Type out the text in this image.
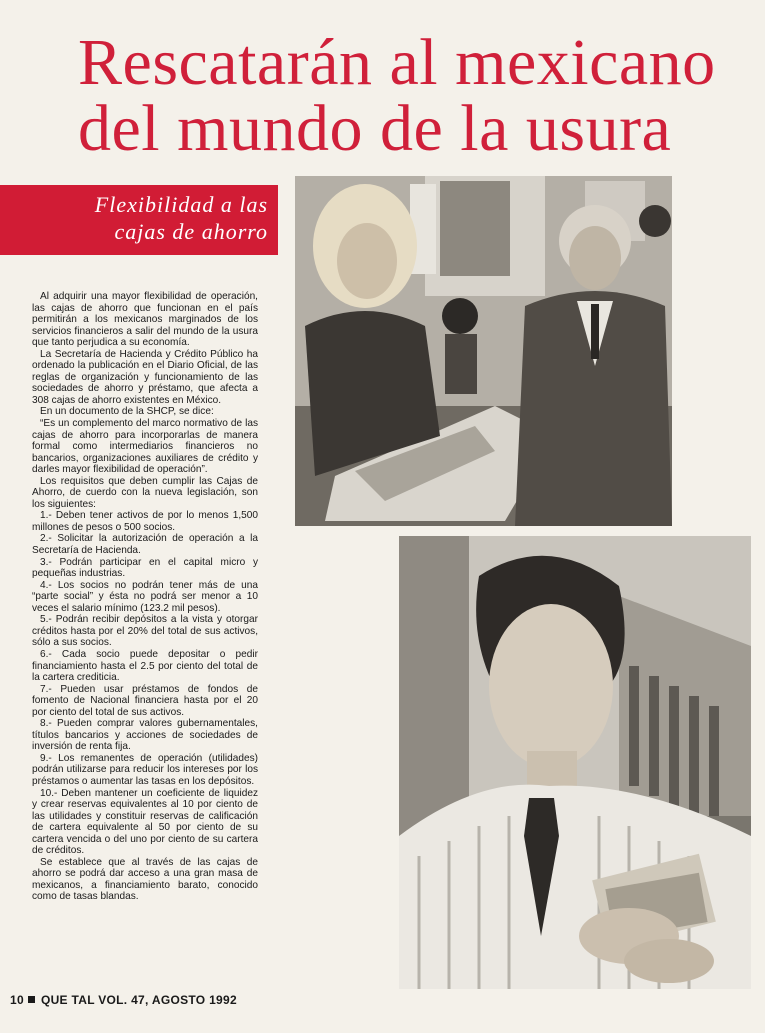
Rescatarán al mexicano
del mundo de la usura

Flexibilidad a las

cajas de ahorro

Al adquirir una mayor flexibilidad de operación, las cajas de ahorro que funcionan en el país permitirán a los mexicanos marginados de los servicios financieros a salir del mundo de la usura que tanto perjudica a su economía.

La Secretaría de Hacienda y Crédito Público ha ordenado la publicación en el Diario Oficial, de las reglas de organización y funcionamiento de las sociedades de ahorro y préstamo, que afecta a 308 cajas de ahorro existentes en México.

En un documento de la SHCP, se dice:

“Es un complemento del marco normativo de las cajas de ahorro para incorporarlas de manera formal como intermediarios financieros no bancarios, organizaciones auxiliares de crédito y darles mayor flexibilidad de operación”.

Los requisitos que deben cumplir las Cajas de Ahorro, de cuerdo con la nueva legislación, son los siguientes:

1.- Deben tener activos de por lo menos 1,500 millones de pesos o 500 socios.

2.- Solicitar la autorización de operación a la Secretaría de Hacienda.

3.- Podrán participar en el capital micro y pequeñas industrias.

4.- Los socios no podrán tener más de una “parte social” y ésta no podrá ser menor a 10 veces el salario mínimo (123.2 mil pesos).

5.- Podrán recibir depósitos a la vista y otorgar créditos hasta por el 20% del total de sus activos, sólo a sus socios.

6.- Cada socio puede depositar o pedir financiamiento hasta el 2.5 por ciento del total de la cartera crediticia.

7.- Pueden usar préstamos de fondos de fomento de Nacional financiera hasta por el 20 por ciento del total de sus activos.

8.- Pueden comprar valores gubernamentales, títulos bancarios y acciones de sociedades de inversión de renta fija.

9.- Los remanentes de operación (utilidades) podrán utilizarse para reducir los intereses por los préstamos o aumentar las tasas en los depósitos.

10.- Deben mantener un coeficiente de liquidez y crear reservas equivalentes al 10 por ciento de las utilidades y constituir reservas de calificación de cartera equivalente al 50 por ciento de su cartera vencida o del uno por ciento de su cartera de créditos.

Se establece que al través de las cajas de ahorro se podrá dar acceso a una gran masa de mexicanos, a financiamiento barato, conocido como de tasas blandas.

10 QUE TAL VOL. 47, AGOSTO 1992
